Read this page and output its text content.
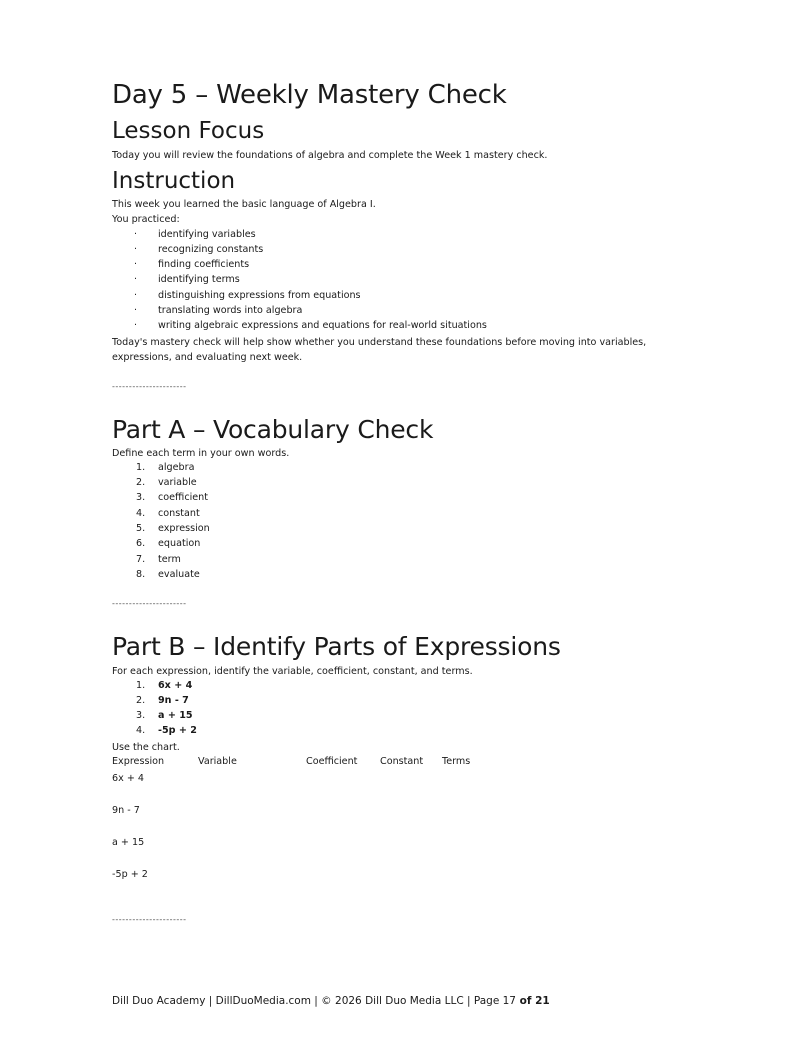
Day 5 – Weekly Mastery Check
Lesson Focus
Today you will review the foundations of algebra and complete the Week 1 mastery check.
Instruction
This week you learned the basic language of Algebra I.
You practiced:
· identifying variables
· recognizing constants
· finding coefficients
· identifying terms
· distinguishing expressions from equations
· translating words into algebra
· writing algebraic expressions and equations for real-world situations
Today's mastery check will help show whether you understand these foundations before moving into variables, expressions, and evaluating next week.
----------------------
Part A – Vocabulary Check
Define each term in your own words.
1. algebra
2. variable
3. coefficient
4. constant
5. expression
6. equation
7. term
8. evaluate
----------------------
Part B – Identify Parts of Expressions
For each expression, identify the variable, coefficient, constant, and terms.
1. 6x + 4
2. 9n - 7
3. a + 15
4. -5p + 2
Use the chart.
Expression	Variable	Coefficient Constant Terms
6x + 4
9n - 7
a + 15
-5p + 2
----------------------
Dill Duo Academy | DillDuoMedia.com | © 2026 Dill Duo Media LLC | Page 17 of 21
